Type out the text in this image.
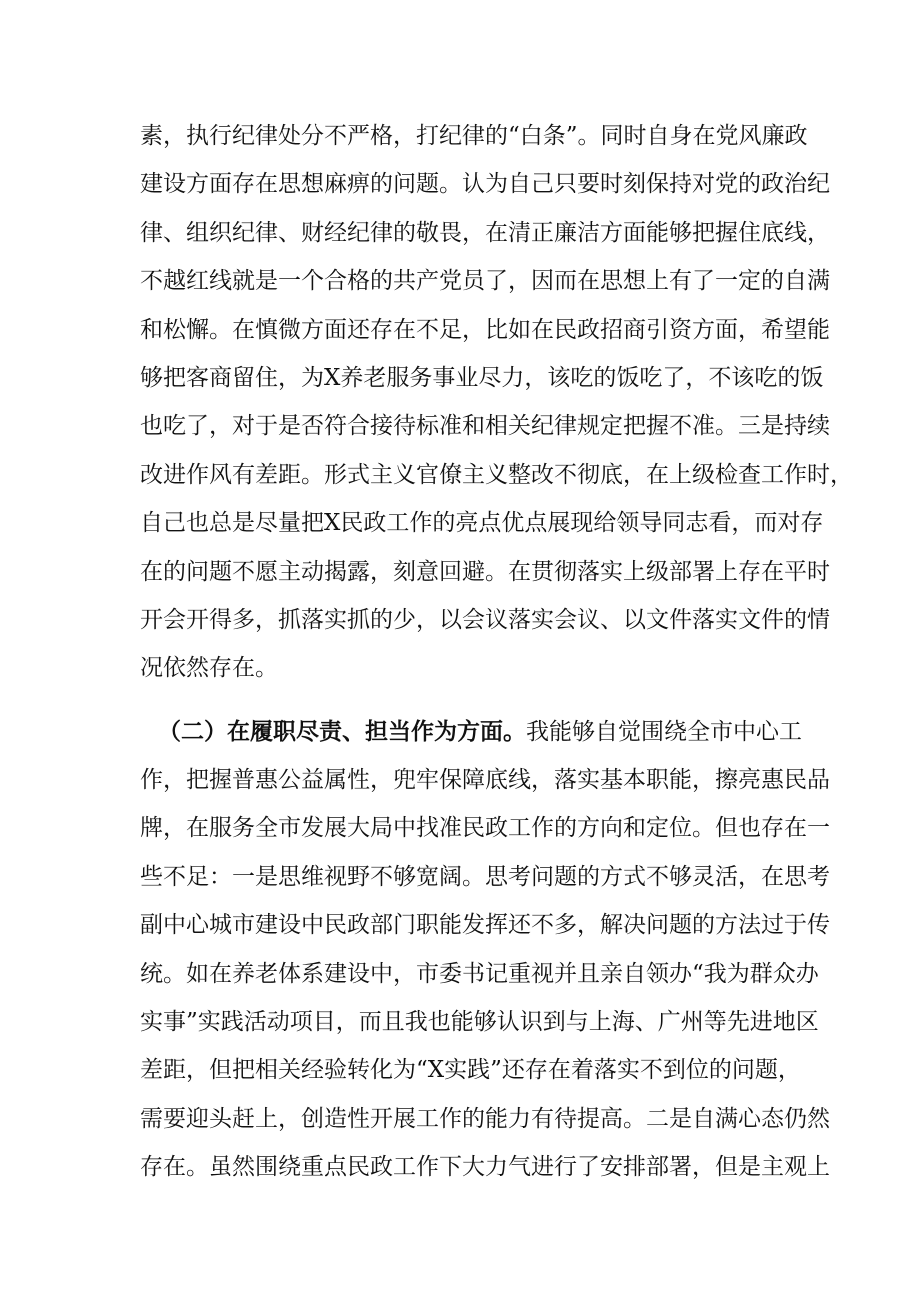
素，执行纪律处分不严格，打纪律的“白条”。同时自身在党风廉政
建设方面存在思想麻痹的问题。认为自己只要时刻保持对党的政治纪
律、组织纪律、财经纪律的敬畏，在清正廉洁方面能够把握住底线，
不越红线就是一个合格的共产党员了，因而在思想上有了一定的自满
和松懈。在慎微方面还存在不足，比如在民政招商引资方面，希望能
够把客商留住，为X养老服务事业尽力，该吃的饭吃了，不该吃的饭
也吃了，对于是否符合接待标准和相关纪律规定把握不准。三是持续
改进作风有差距。形式主义官僚主义整改不彻底，在上级检查工作时，
自己也总是尽量把X民政工作的亮点优点展现给领导同志看，而对存
在的问题不愿主动揭露，刻意回避。在贯彻落实上级部署上存在平时
开会开得多，抓落实抓的少，以会议落实会议、以文件落实文件的情
况依然存在。
（二）在履职尽责、担当作为方面。我能够自觉围绕全市中心工
作，把握普惠公益属性，兜牢保障底线，落实基本职能，擦亮惠民品
牌，在服务全市发展大局中找准民政工作的方向和定位。但也存在一
些不足：一是思维视野不够宽阔。思考问题的方式不够灵活，在思考
副中心城市建设中民政部门职能发挥还不多，解决问题的方法过于传
统。如在养老体系建设中，市委书记重视并且亲自领办“我为群众办
实事”实践活动项目，而且我也能够认识到与上海、广州等先进地区
差距，但把相关经验转化为“X实践”还存在着落实不到位的问题，
需要迎头赶上，创造性开展工作的能力有待提高。二是自满心态仍然
存在。虽然围绕重点民政工作下大力气进行了安排部署，但是主观上
